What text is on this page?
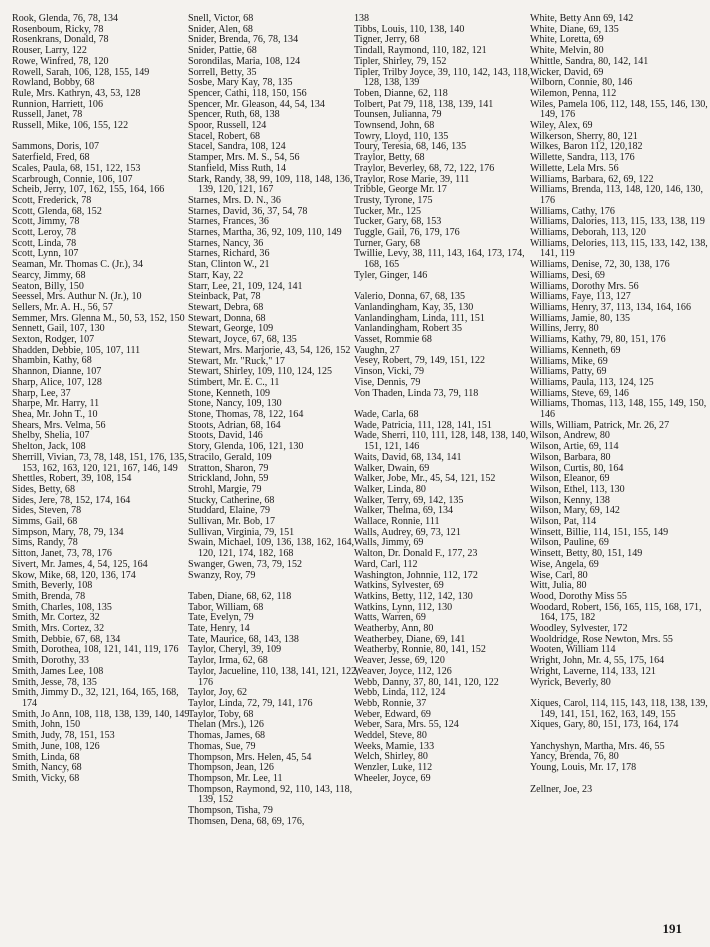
Rook, Glenda, 76, 78, 134
Rosenboum, Ricky, 78
Rosenkrans, Donald, 78
Rouser, Larry, 122
Rowe, Winfred, 78, 120
Rowell, Sarah, 106, 128, 155, 149
Rowland, Bobby, 68
Rule, Mrs. Kathryn, 43, 53, 128
Runnion, Harriett, 106
Russell, Janet, 78
Russell, Mike, 106, 155, 122
Sammons, Doris, 107
Saterfield, Fred, 68
Scales, Paula, 68, 151, 122, 153
Scarbrough, Connie, 106, 107
Scheib, Jerry, 107, 162, 155, 164, 166
Scott, Frederick, 78
Scott, Glenda, 68, 152
Scott, Jimmy, 78
Scott, Leroy, 78
Scott, Linda, 78
Scott, Lynn, 107
Seaman, Mr. Thomas C. (Jr.), 34
Searcy, Jimmy, 68
Seaton, Billy, 150
Seessel, Mrs. Authur N. (Jr.), 10
Sellers, Mr. A. H., 56, 57
Semmer, Mrs. Glenna M., 50, 53, 152, 150
Sennett, Gail, 107, 130
Sexton, Rodger, 107
Shadden, Debbie, 105, 107, 111
Shambin, Kathy, 68
Shannon, Dianne, 107
Sharp, Alice, 107, 128
Sharp, Lee, 37
Sharpe, Mr. Harry, 11
Shea, Mr. John T., 10
Shears, Mrs. Velma, 56
Shelby, Shelia, 107
Shelton, Jack, 108
Sherrill, Vivian, 73, 78, 148, 151, 176, 135, 153, 162, 163, 120, 121, 167, 146, 149
Shettles, Robert, 39, 108, 154
Sides, Betty, 68
Sides, Jere, 78, 152, 174, 164
Sides, Steven, 78
Simms, Gail, 68
Simpson, Mary, 78, 79, 134
Sims, Randy, 78
Sitton, Janet, 73, 78, 176
Sivert, Mr. James, 4, 54, 125, 164
Skow, Mike, 68, 120, 136, 174
Smith, Beverly, 108
Smith, Brenda, 78
Smith, Charles, 108, 135
Smith, Mr. Cortez, 32
Smith, Mrs. Cortez, 32
Smith, Debbie, 67, 68, 134
Smith, Dorothea, 108, 121, 141, 119, 176
Smith, Dorothy, 33
Smith, James Lee, 108
Smith, Jesse, 78, 135
Smith, Jimmy D., 32, 121, 164, 165, 168, 174
Smith, Jo Ann, 108, 118, 138, 139, 140, 149
Smith, John, 150
Smith, Judy, 78, 151, 153
Smith, June, 108, 126
Smith, Linda, 68
Smith, Nancy, 68
Smith, Vicky, 68
Snell, Victor, 68
Snider, Alen, 68
Snider, Brenda, 76, 78, 134
Snider, Pattie, 68
Sorondilas, Maria, 108, 124
Sorrell, Betty, 35
Sosbe, Mary Kay, 78, 135
Spencer, Cathi, 118, 150, 156
Spencer, Mr. Gleason, 44, 54, 134
Spencer, Ruth, 68, 138
Spoor, Russell, 124
Stacel, Robert, 68
Stacel, Sandra, 108, 124
Stamper, Mrs. M. S., 54, 56
Stanfield, Miss Ruth, 14
Stark, Randy, 38, 99, 109, 118, 148, 136, 139, 120, 121, 167
Starnes, Mrs. D. N., 36
Starnes, David, 36, 37, 54, 78
Starnes, Frances, 36
Starnes, Martha, 36, 92, 109, 110, 149
Starnes, Nancy, 36
Starnes, Richard, 36
Stan, Clinton W., 21
Starr, Kay, 22
Starr, Lee, 21, 109, 124, 141
Steinback, Pat, 78
Stewart, Debra, 68
Stewart, Donna, 68
Stewart, George, 109
Stewart, Joyce, 67, 68, 135
Stewart, Mrs. Marjorie, 43, 54, 126, 152
Stewart, Mr. "Ruck," 17
Stewart, Shirley, 109, 110, 124, 125
Stimbert, Mr. E. C., 11
Stone, Kenneth, 109
Stone, Nancy, 109, 130
Stone, Thomas, 78, 122, 164
Stoots, Adrian, 68, 164
Stoots, David, 146
Story, Glenda, 106, 121, 130
Stracilo, Gerald, 109
Stratton, Sharon, 79
Strickland, John, 59
Strohl, Margie, 79
Stucky, Catherine, 68
Studdard, Elaine, 79
Sullivan, Mr. Bob, 17
Sullivan, Virginia, 79, 151
Swain, Michael, 109, 136, 138, 162, 164, 120, 121, 174, 182, 168
Swanger, Gwen, 73, 79, 152
Swanzy, Roy, 79
Taben, Diane, 68, 62, 118
Tabor, William, 68
Tate, Evelyn, 79
Tate, Henry, 14
Tate, Maurice, 68, 143, 138
Taylor, Cheryl, 39, 109
Taylor, Irma, 62, 68
Taylor, Jacueline, 110, 138, 141, 121, 122, 176
Taylor, Joy, 62
Taylor, Linda, 72, 79, 141, 176
Taylor, Toby, 68
Thelan (Mrs.), 126
Thomas, James, 68
Thomas, Sue, 79
Thompson, Mrs. Helen, 45, 54
Thompson, Jean, 126
Thompson, Mr. Lee, 11
Thompson, Raymond, 92, 110, 143, 118, 139, 152
Thompson, Tisha, 79
Thomsen, Dena, 68, 69, 176,
138
Tibbs, Louis, 110, 138, 140
Tigner, Jerry, 68
Tindall, Raymond, 110, 182, 121
Tipler, Shirley, 79, 152
Tipler, Trilby Joyce, 39, 110, 142, 143, 118, 128, 138, 139
Toben, Dianne, 62, 118
Tolbert, Pat 79, 118, 138, 139, 141
Tounsen, Julianna, 79
Townsend, John, 68
Towry, Lloyd, 110, 135
Toury, Teresia, 68, 146, 135
Traylor, Betty, 68
Traylor, Beverley, 68, 72, 122, 176
Traylor, Rose Marie, 39, 111
Tribble, George Mr. 17
Trusty, Tyrone, 175
Tucker, Mr., 125
Tucker, Gary, 68, 153
Tuggle, Gail, 76, 179, 176
Turner, Gary, 68
Twillie, Levy, 38, 111, 143, 164, 173, 174, 168, 165
Tyler, Ginger, 146
Valerio, Donna, 67, 68, 135
Vanlandingham, Kay, 35, 130
Vanlandingham, Linda, 111, 151
Vanlandingham, Robert 35
Vasset, Rommie 68
Vaughn, 27
Vesey, Robert, 79, 149, 151, 122
Vinson, Vicki, 79
Vise, Dennis, 79
Von Thaden, Linda 73, 79, 118
Wade, Carla, 68
Wade, Patricia, 111, 128, 141, 151
Wade, Sherri, 110, 111, 128, 148, 138, 140, 151, 121, 146
Waits, David, 68, 134, 141
Walker, Dwain, 69
Walker, Jobe, Mr., 45, 54, 121, 152
Walker, Linda, 80
Walker, Terry, 69, 142, 135
Walker, Thelma, 69, 134
Wallace, Ronnie, 111
Walls, Audrey, 69, 73, 121
Walls, Jimmy, 69
Walton, Dr. Donald F., 177, 23
Ward, Carl, 112
Washington, Johnnie, 112, 172
Watkins, Sylvester, 69
Watkins, Betty, 112, 142, 130
Watkins, Lynn, 112, 130
Watts, Warren, 69
Weatherby, Ann, 80
Weatherbey, Diane, 69, 141
Weatherby, Ronnie, 80, 141, 152
Weaver, Jesse, 69, 120
Weaver, Joyce, 112, 126
Webb, Danny, 37, 80, 141, 120, 122
Webb, Linda, 112, 124
Webb, Ronnie, 37
Weber, Edward, 69
Weber, Sara, Mrs. 55, 124
Weddel, Steve, 80
Weeks, Mamie, 133
Welch, Shirley, 80
Wenzler, Luke, 112
Wheeler, Joyce, 69
White, Betty Ann 69, 142
White, Diane, 69, 135
White, Loretta, 69
White, Melvin, 80
Whittle, Sandra, 80, 142, 141
Wicker, David, 69
Wilborn, Connie, 80, 146
Wilemon, Penna, 112
Wiles, Pamela 106, 112, 148, 155, 146, 130, 149, 176
Wiley, Alex, 69
Wilkerson, Sherry, 80, 121
Wilkes, Baron 112, 120,182
Willette, Sandra, 113, 176
Willette, Lela Mrs. 56
Williams, Barbara, 62, 69, 122
Williams, Brenda, 113, 148, 120, 146, 130, 176
Williams, Cathy, 176
Williams, Dalories, 113, 115, 133, 138, 119
Williams, Deborah, 113, 120
Williams, Delories, 113, 115, 133, 142, 138, 141, 119
Williams, Denise, 72, 30, 138, 176
Williams, Desi, 69
Williams, Dorothy Mrs. 56
Williams, Faye, 113, 127
Williams, Henry, 37, 113, 134, 164, 166
Williams, Jamie, 80, 135
Willins, Jerry, 80
Williams, Kathy, 79, 80, 151, 176
Williams, Kenneth, 69
Williams, Mike, 69
Williams, Patty, 69
Williams, Paula, 113, 124, 125
Williams, Steve, 69, 146
Williams, Thomas, 113, 148, 155, 149, 150, 146
Wills, William, Patrick, Mr. 26, 27
Wilson, Andrew, 80
Wilson, Artie, 69, 114
Wilson, Barbara, 80
Wilson, Curtis, 80, 164
Wilson, Eleanor, 69
Wilson, Ethel, 113, 130
Wilson, Kenny, 138
Wilson, Mary, 69, 142
Wilson, Pat, 114
Winsett, Billie, 114, 151, 155, 149
Wilson, Pauline, 69
Winsett, Betty, 80, 151, 149
Wise, Angela, 69
Wise, Carl, 80
Witt, Julia, 80
Wood, Dorothy Miss 55
Woodard, Robert, 156, 165, 115, 168, 171, 164, 175, 182
Woodley, Sylvester, 172
Wooldridge, Rose Newton, Mrs. 55
Wooten, William 114
Wright, John, Mr. 4, 55, 175, 164
Wright, Laverne, 114, 133, 121
Wyrick, Beverly, 80
Xiques, Carol, 114, 115, 143, 118, 138, 139, 149, 141, 151, 162, 163, 149, 155
Xiques, Gary, 80, 151, 173, 164, 174
Yanchyshyn, Martha, Mrs. 46, 55
Yancy, Brenda, 76, 80
Young, Louis, Mr. 17, 178
Zellner, Joe, 23
191
